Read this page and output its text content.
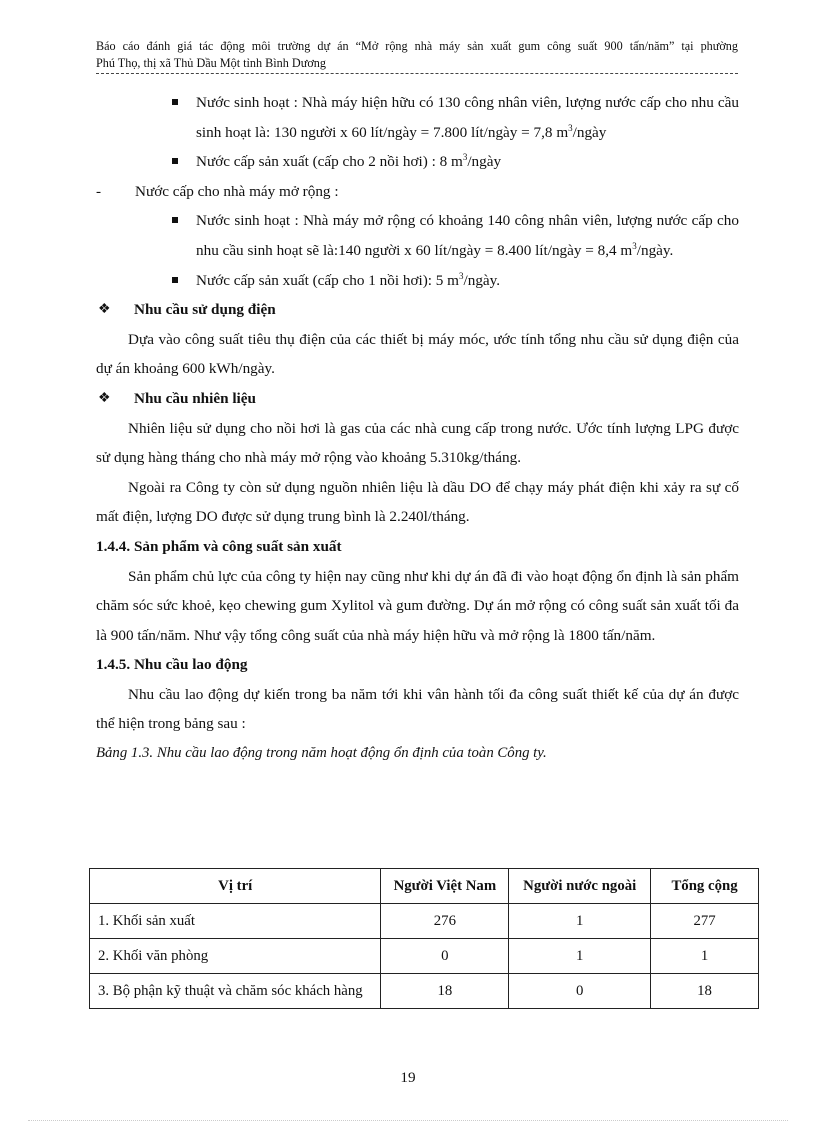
Báo cáo đánh giá tác động môi trường dự án “Mở rộng nhà máy sản xuất gum công suất 900 tấn/năm” tại phường
Phú Thọ, thị xã Thủ Dầu Một tỉnh Bình Dương
Nước sinh hoạt : Nhà máy hiện hữu có 130 công nhân viên, lượng nước cấp cho nhu cầu sinh hoạt là: 130 người x 60 lít/ngày = 7.800 lít/ngày = 7,8 $m^3$/ngày
Nước cấp sản xuất (cấp cho 2 nồi hơi) : 8 $m^3$/ngày
- Nước cấp cho nhà máy mở rộng :
Nước sinh hoạt : Nhà máy mở rộng có khoảng 140 công nhân viên, lượng nước cấp cho nhu cầu sinh hoạt sẽ là:140 người x 60 lít/ngày = 8.400 lít/ngày = 8,4 $m^3$/ngày.
Nước cấp sản xuất (cấp cho 1 nồi hơi): 5 $m^3$/ngày.
❖ Nhu cầu sử dụng điện
Dựa vào công suất tiêu thụ điện của các thiết bị máy móc, ước tính tổng nhu cầu sử dụng điện của dự án khoảng 600 kWh/ngày.
❖ Nhu cầu nhiên liệu
Nhiên liệu sử dụng cho nồi hơi là gas của các nhà cung cấp trong nước. Ước tính lượng LPG được sử dụng hàng tháng cho nhà máy mở rộng vào khoảng 5.310kg/tháng.
Ngoài ra Công ty còn sử dụng nguồn nhiên liệu là dầu DO để chạy máy phát điện khi xảy ra sự cố mất điện, lượng DO được sử dụng trung bình là 2.240l/tháng.
1.4.4. Sản phẩm và công suất sản xuất
Sản phẩm chủ lực của công ty hiện nay cũng như khi dự án đã đi vào hoạt động ổn định là sản phẩm chăm sóc sức khoẻ, kẹo chewing gum Xylitol và gum đường. Dự án mở rộng có công suất sản xuất tối đa là 900 tấn/năm. Như vậy tổng công suất của nhà máy hiện hữu và mở rộng là 1800 tấn/năm.
1.4.5. Nhu cầu lao động
Nhu cầu lao động dự kiến trong ba năm tới khi vân hành tối đa công suất thiết kế của dự án được thể hiện trong bảng sau :
Bảng 1.3. Nhu cầu lao động trong năm hoạt động ổn định của toàn Công ty.
Vị trí	Người Việt Nam	Người nước ngoài	Tổng cộng
1. Khối sản xuất	276	1	277
2. Khối văn phòng	0	1	1
3. Bộ phận kỹ thuật và chăm sóc khách hàng	18	0	18
19
